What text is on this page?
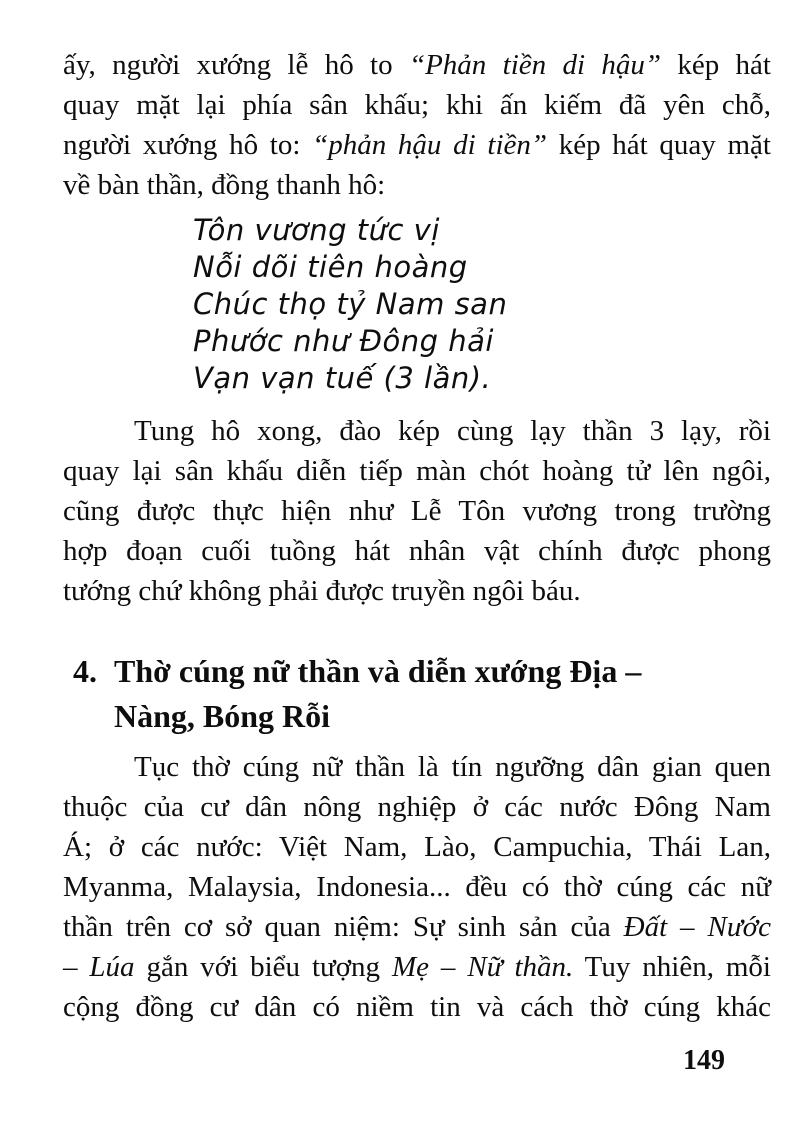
ấy, người xướng lễ hô to “Phản tiền di hậu” kép hát
quay mặt lại phía sân khấu; khi ấn kiếm đã yên chỗ,
người xướng hô to: “phản hậu di tiền” kép hát quay mặt
về bàn thần, đồng thanh hô:
Tôn vương tức vị
Nỗi dõi tiên hoàng
Chúc thọ tỷ Nam san
Phước như Đông hải
Vạn vạn tuế (3 lần).
Tung hô xong, đào kép cùng lạy thần 3 lạy, rồi
quay lại sân khấu diễn tiếp màn chót hoàng tử lên ngôi,
cũng được thực hiện như Lễ Tôn vương trong trường
hợp đoạn cuối tuồng hát nhân vật chính được phong
tướng chứ không phải được truyền ngôi báu.
4. Thờ cúng nữ thần và diễn xướng Địa –
Nàng, Bóng Rỗi
Tục thờ cúng nữ thần là tín ngưỡng dân gian quen
thuộc của cư dân nông nghiệp ở các nước Đông Nam
Á; ở các nước: Việt Nam, Lào, Campuchia, Thái Lan,
Myanma, Malaysia, Indonesia... đều có thờ cúng các nữ
thần trên cơ sở quan niệm: Sự sinh sản của Đất – Nước
– Lúa gắn với biểu tượng Mẹ – Nữ thần. Tuy nhiên, mỗi
cộng đồng cư dân có niềm tin và cách thờ cúng khác
149
